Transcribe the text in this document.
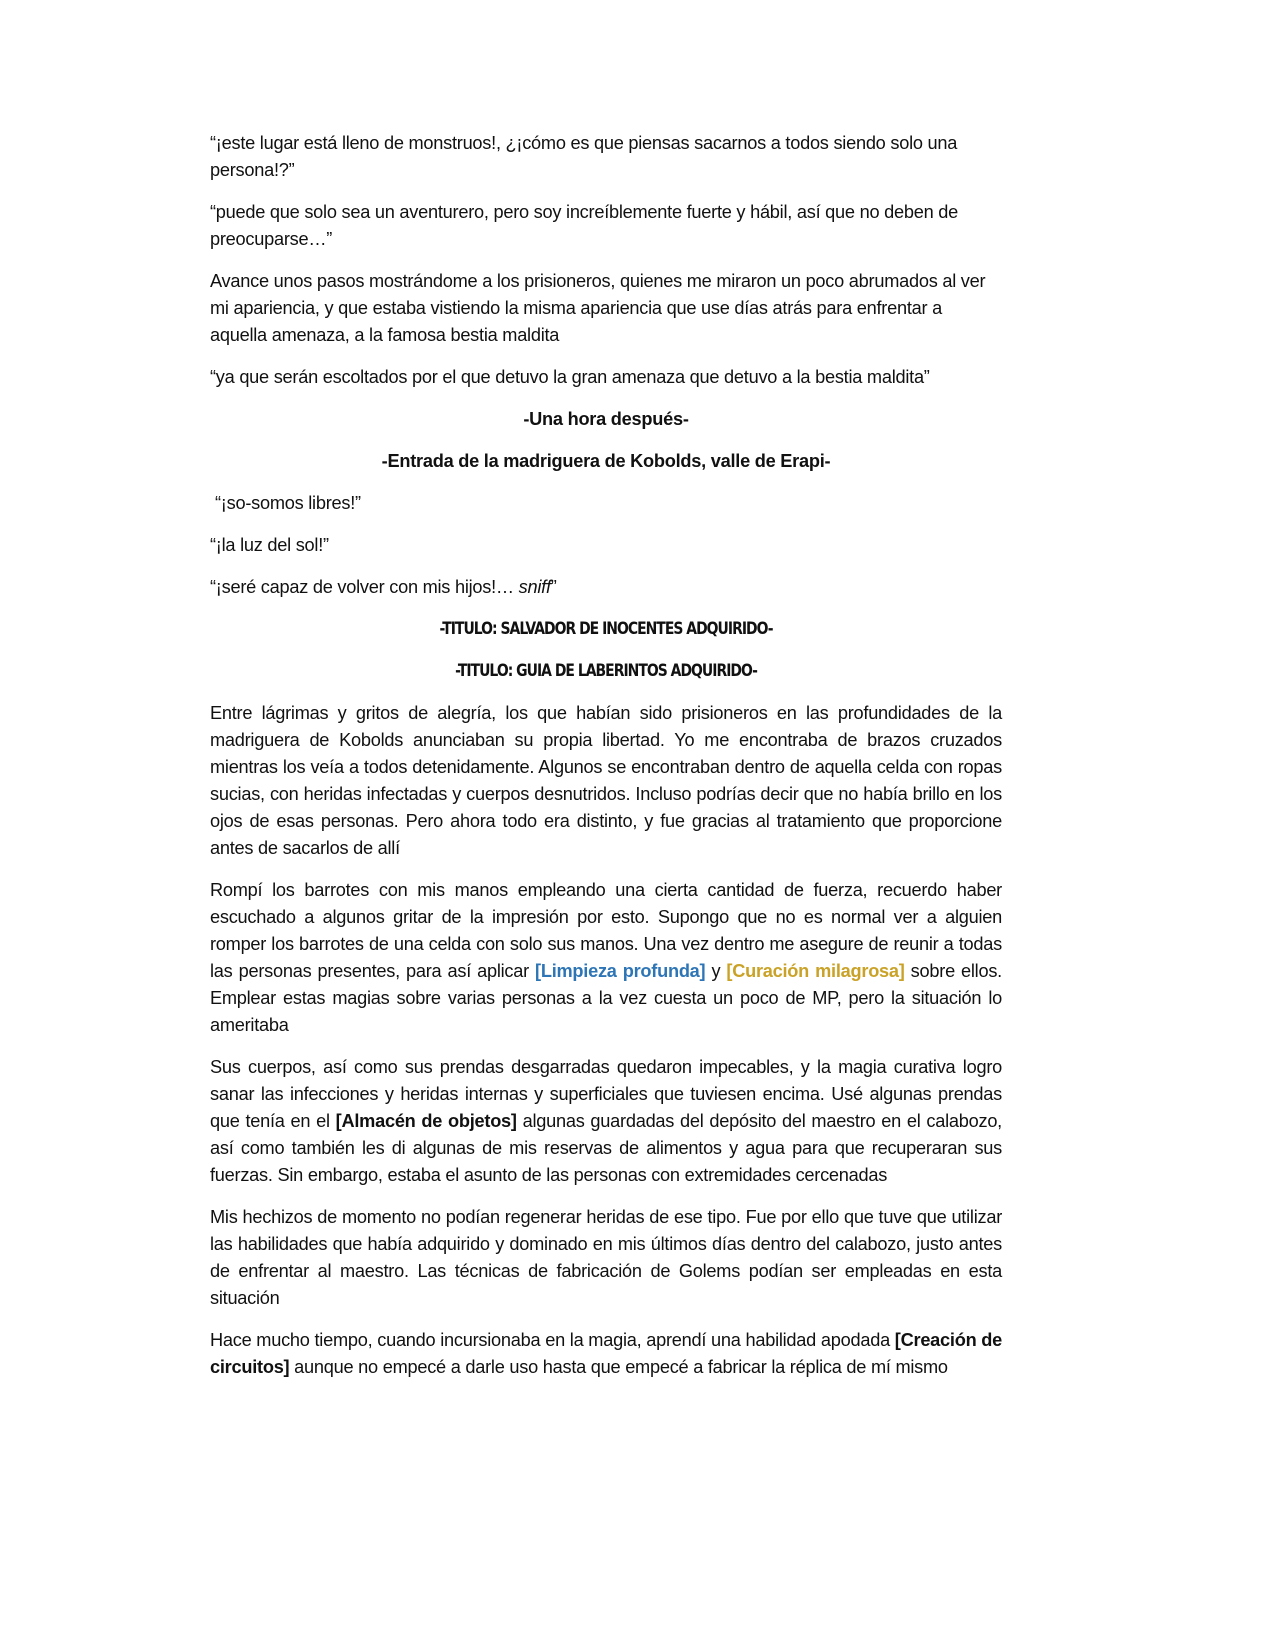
“¡este lugar está lleno de monstruos!, ¿¡cómo es que piensas sacarnos a todos siendo solo una persona!?”

“puede que solo sea un aventurero, pero soy increíblemente fuerte y hábil, así que no deben de preocuparse…”

Avance unos pasos mostrándome a los prisioneros, quienes me miraron un poco abrumados al ver mi apariencia, y que estaba vistiendo la misma apariencia que use días atrás para enfrentar a aquella amenaza, a la famosa bestia maldita

“ya que serán escoltados por el que detuvo la gran amenaza que detuvo a la bestia maldita”

-Una hora después-

-Entrada de la madriguera de Kobolds, valle de Erapi-

“¡so-somos libres!”

“¡la luz del sol!”

“¡seré capaz de volver con mis hijos!… sniff”

-TITULO: SALVADOR DE INOCENTES ADQUIRIDO-

-TITULO: GUIA DE LABERINTOS ADQUIRIDO-

Entre lágrimas y gritos de alegría, los que habían sido prisioneros en las profundidades de la madriguera de Kobolds anunciaban su propia libertad. Yo me encontraba de brazos cruzados mientras los veía a todos detenidamente. Algunos se encontraban dentro de aquella celda con ropas sucias, con heridas infectadas y cuerpos desnutridos. Incluso podrías decir que no había brillo en los ojos de esas personas. Pero ahora todo era distinto, y fue gracias al tratamiento que proporcione antes de sacarlos de allí

Rompí los barrotes con mis manos empleando una cierta cantidad de fuerza, recuerdo haber escuchado a algunos gritar de la impresión por esto. Supongo que no es normal ver a alguien romper los barrotes de una celda con solo sus manos. Una vez dentro me asegure de reunir a todas las personas presentes, para así aplicar [Limpieza profunda] y [Curación milagrosa] sobre ellos. Emplear estas magias sobre varias personas a la vez cuesta un poco de MP, pero la situación lo ameritaba

Sus cuerpos, así como sus prendas desgarradas quedaron impecables, y la magia curativa logro sanar las infecciones y heridas internas y superficiales que tuviesen encima. Usé algunas prendas que tenía en el [Almacén de objetos] algunas guardadas del depósito del maestro en el calabozo, así como también les di algunas de mis reservas de alimentos y agua para que recuperaran sus fuerzas. Sin embargo, estaba el asunto de las personas con extremidades cercenadas

Mis hechizos de momento no podían regenerar heridas de ese tipo. Fue por ello que tuve que utilizar las habilidades que había adquirido y dominado en mis últimos días dentro del calabozo, justo antes de enfrentar al maestro. Las técnicas de fabricación de Golems podían ser empleadas en esta situación

Hace mucho tiempo, cuando incursionaba en la magia, aprendí una habilidad apodada [Creación de circuitos] aunque no empecé a darle uso hasta que empecé a fabricar la réplica de mí mismo
